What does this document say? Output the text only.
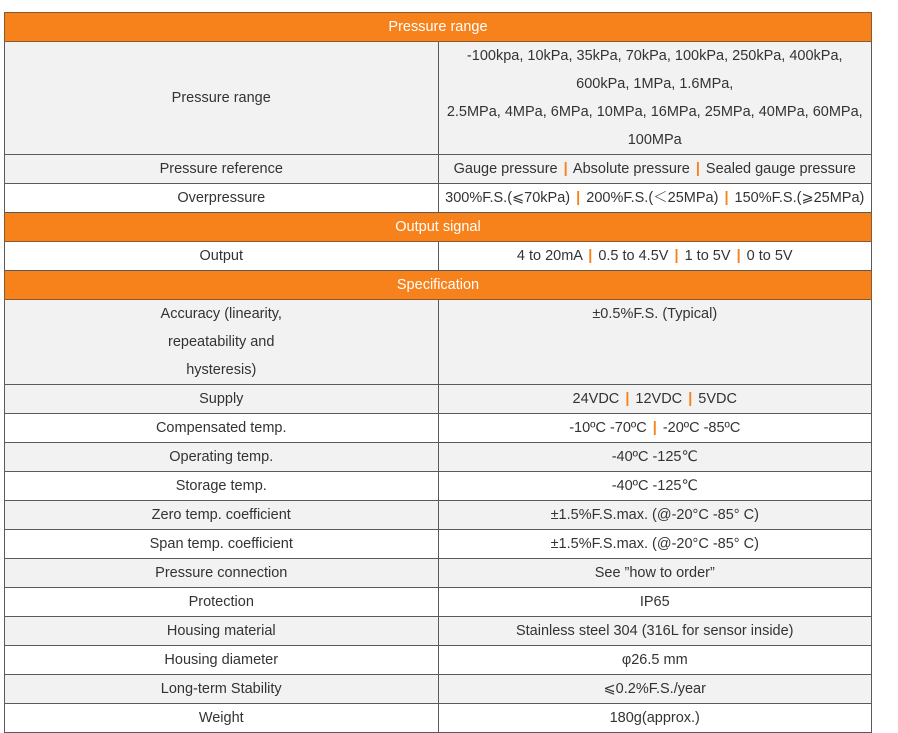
Pressure range	
Pressure range	-100kpa, 10kPa, 35kPa, 70kPa, 100kPa, 250kPa, 400kPa, 600kPa, 1MPa, 1.6MPa,
2.5MPa, 4MPa, 6MPa, 10MPa, 16MPa, 25MPa, 40MPa, 60MPa, 100MPa

Pressure reference	Gauge pressure | Absolute pressure | Sealed gauge pressure
Overpressure	300%F.S.(⩽70kPa) | 200%F.S.(＜25MPa) | 150%F.S.(⩾25MPa)
Output signal	
Output	4 to 20mA | 0.5 to 4.5V | 1 to 5V | 0 to 5V
Specification	

Accuracy (linearity,
repeatability and
hysteresis)	±0.5%F.S. (Typical)
Supply	24VDC | 12VDC | 5VDC
Compensated temp.	-10ºC -70ºC | -20ºC -85ºC
Operating temp.	-40ºC -125℃
Storage temp.	-40ºC -125℃
Zero temp. coefficient	±1.5%F.S.max. (@-20°C -85° C)
Span temp. coefficient	±1.5%F.S.max. (@-20°C -85° C)
Pressure connection	See ”how to order”
Protection	IP65
Housing material	Stainless steel 304 (316L for sensor inside)
Housing diameter	φ26.5 mm
Long-term Stability	⩽0.2%F.S./year
Weight	180g(approx.)
